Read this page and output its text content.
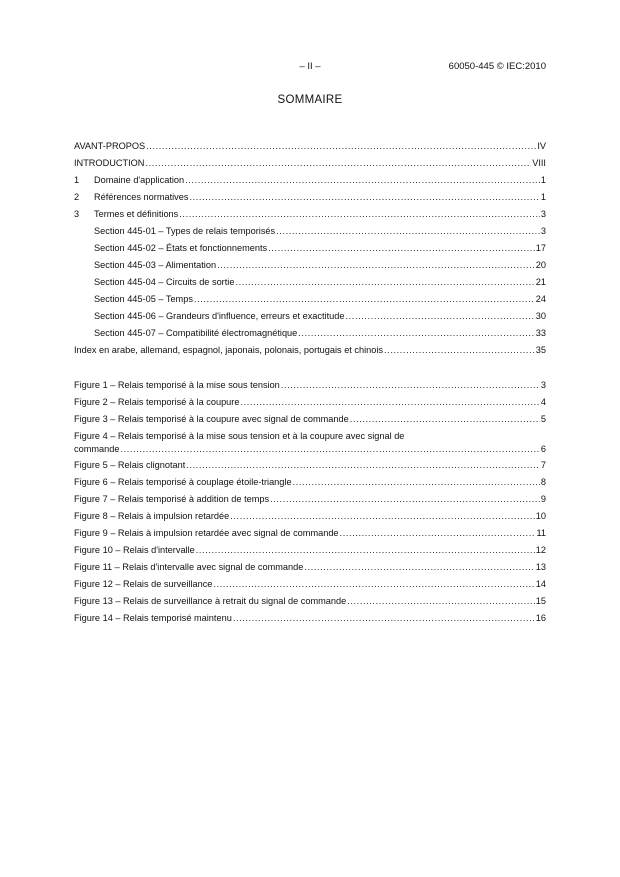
– II –	60050-445 © IEC:2010
SOMMAIRE
AVANT-PROPOS .....	IV
INTRODUCTION .....	VIII
1	Domaine d'application .....	1
2	Références normatives .....	1
3	Termes et définitions .....	3
Section 445-01 – Types de relais temporisés .....	3
Section 445-02 – États et fonctionnements .....	17
Section 445-03 – Alimentation .....	20
Section 445-04 – Circuits de sortie .....	21
Section 445-05 – Temps .....	24
Section 445-06 – Grandeurs d'influence, erreurs et exactitude .....	30
Section 445-07 – Compatibilité électromagnétique .....	33
Index en arabe, allemand, espagnol, japonais, polonais, portugais et chinois .....	35
Figure 1 – Relais temporisé à la mise sous tension .....	3
Figure 2 – Relais temporisé à la coupure .....	4
Figure 3 – Relais temporisé à la coupure avec signal de commande .....	5
Figure 4 – Relais temporisé à la mise sous tension et à la coupure avec signal de
commande .....	6
Figure 5 – Relais clignotant .....	7
Figure 6 – Relais temporisé à couplage étoile-triangle .....	8
Figure 7 – Relais temporisé à addition de temps .....	9
Figure 8 – Relais à impulsion retardée .....	10
Figure 9 – Relais à impulsion retardée avec signal de commande .....	11
Figure 10 – Relais d'intervalle .....	12
Figure 11 – Relais d'intervalle avec signal de commande .....	13
Figure 12 – Relais de surveillance .....	14
Figure 13 – Relais de surveillance à retrait du signal de commande .....	15
Figure 14 – Relais temporisé maintenu .....	16
